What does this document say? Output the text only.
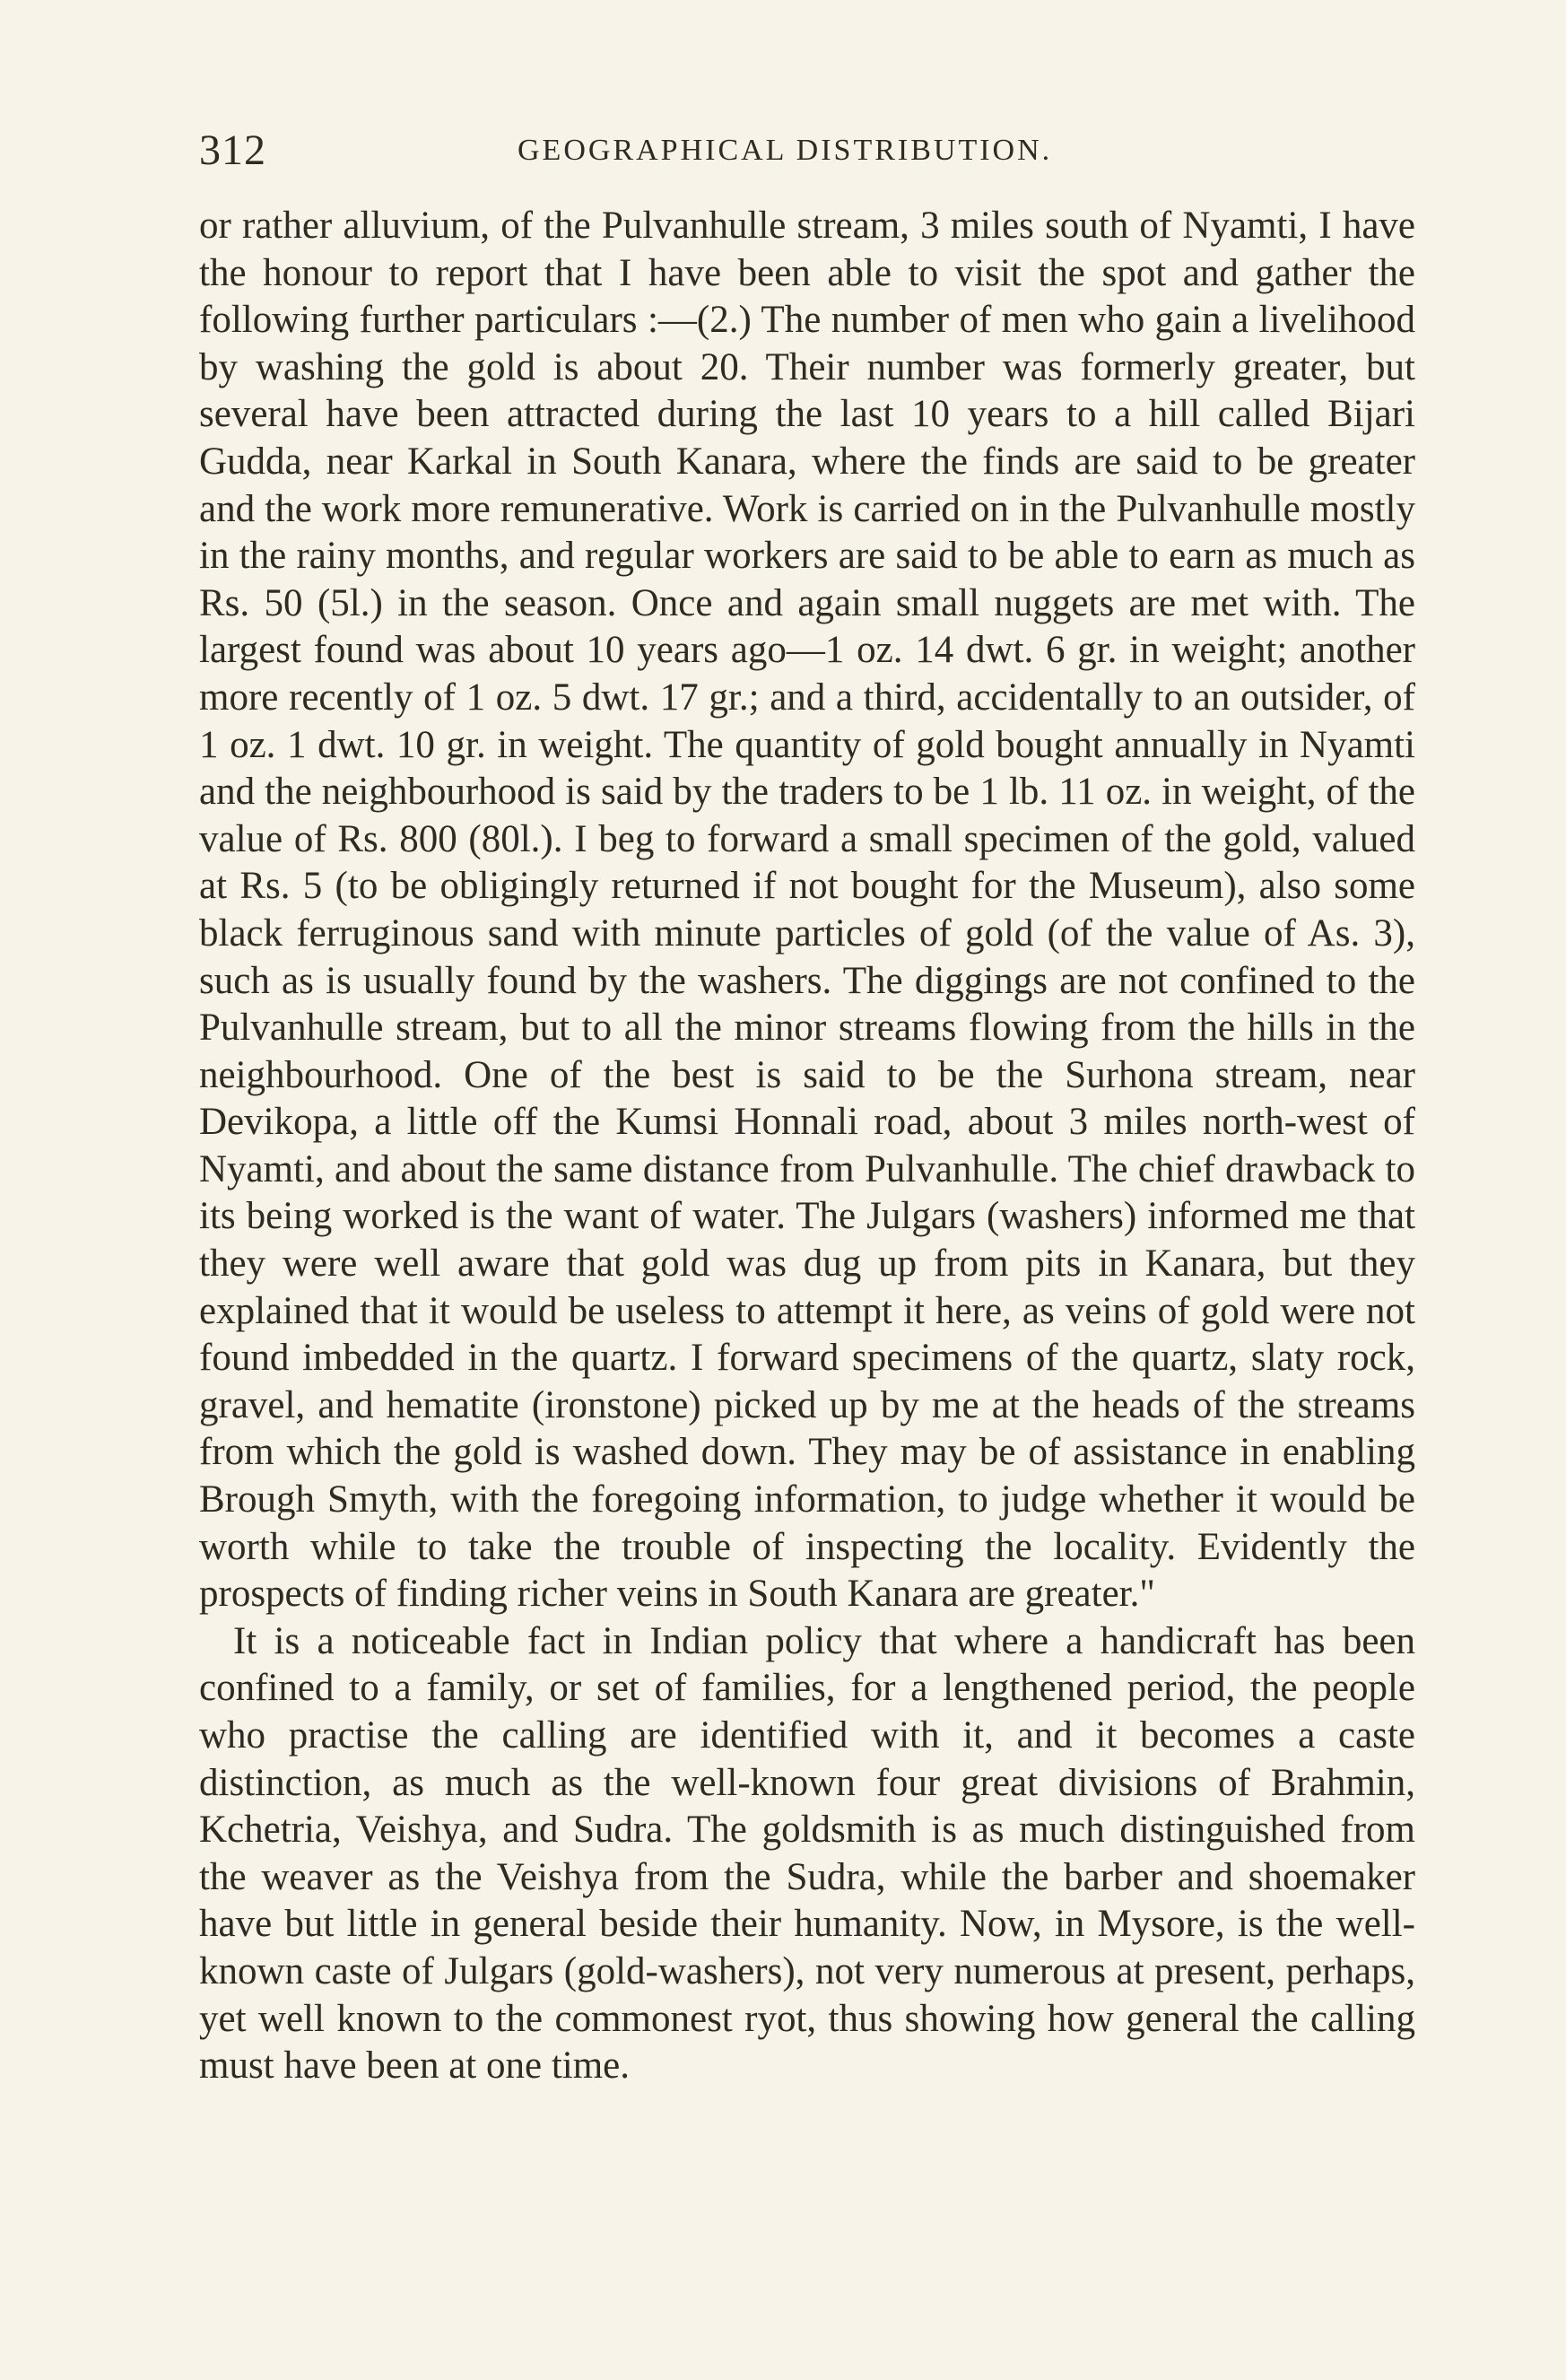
312	GEOGRAPHICAL DISTRIBUTION.

or rather alluvium, of the Pulvanhulle stream, 3 miles south of Nyamti, I have the honour to report that I have been able to visit the spot and gather the following further particulars :—(2.) The number of men who gain a livelihood by washing the gold is about 20. Their number was formerly greater, but several have been attracted during the last 10 years to a hill called Bijari Gudda, near Karkal in South Kanara, where the finds are said to be greater and the work more remunerative. Work is carried on in the Pulvanhulle mostly in the rainy months, and regular workers are said to be able to earn as much as Rs. 50 (5l.) in the season. Once and again small nuggets are met with. The largest found was about 10 years ago—1 oz. 14 dwt. 6 gr. in weight; another more recently of 1 oz. 5 dwt. 17 gr.; and a third, accidentally to an outsider, of 1 oz. 1 dwt. 10 gr. in weight. The quantity of gold bought annually in Nyamti and the neighbourhood is said by the traders to be 1 lb. 11 oz. in weight, of the value of Rs. 800 (80l.). I beg to forward a small specimen of the gold, valued at Rs. 5 (to be obligingly returned if not bought for the Museum), also some black ferruginous sand with minute particles of gold (of the value of As. 3), such as is usually found by the washers. The diggings are not confined to the Pulvanhulle stream, but to all the minor streams flowing from the hills in the neighbourhood. One of the best is said to be the Surhona stream, near Devikopa, a little off the Kumsi Honnali road, about 3 miles north-west of Nyamti, and about the same distance from Pulvanhulle. The chief drawback to its being worked is the want of water. The Julgars (washers) informed me that they were well aware that gold was dug up from pits in Kanara, but they explained that it would be useless to attempt it here, as veins of gold were not found imbedded in the quartz. I forward specimens of the quartz, slaty rock, gravel, and hematite (ironstone) picked up by me at the heads of the streams from which the gold is washed down. They may be of assistance in enabling Brough Smyth, with the foregoing information, to judge whether it would be worth while to take the trouble of inspecting the locality. Evidently the prospects of finding richer veins in South Kanara are greater."

It is a noticeable fact in Indian policy that where a handicraft has been confined to a family, or set of families, for a lengthened period, the people who practise the calling are identified with it, and it becomes a caste distinction, as much as the well-known four great divisions of Brahmin, Kchetria, Veishya, and Sudra. The goldsmith is as much distinguished from the weaver as the Veishya from the Sudra, while the barber and shoemaker have but little in general beside their humanity. Now, in Mysore, is the well-known caste of Julgars (gold-washers), not very numerous at present, perhaps, yet well known to the commonest ryot, thus showing how general the calling must have been at one time.
